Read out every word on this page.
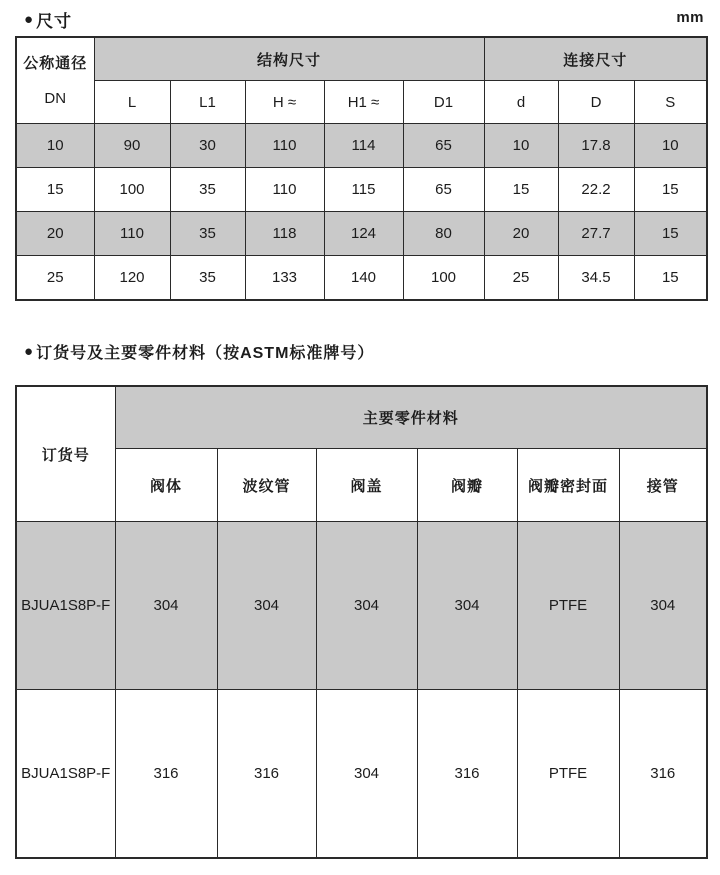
● 尺寸	mm
公称通径
DN	结构尺寸					连接尺寸		
	L	L1	H ≈	H1 ≈	D1	d	D	S
10	90	30	110	114	65	10	17.8	10
15	100	35	110	115	65	15	22.2	15
20	110	35	118	124	80	20	27.7	15
25	120	35	133	140	100	25	34.5	15
● 订货号及主要零件材料（按ASTM标准牌号）
订货号	主要零件材料					
	阀体	波纹管	阀盖	阀瓣	阀瓣密封面	接管
BJUA1S8P-F	304	304	304	304	PTFE	304
BJUA1S8P-F	316	316	304	316	PTFE	316
